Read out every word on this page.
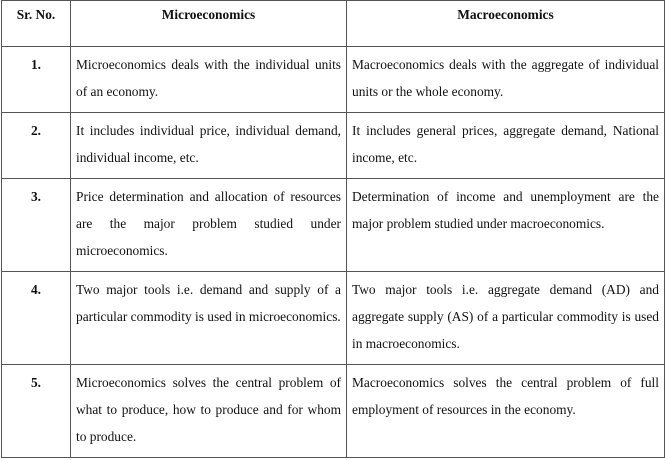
Sr. No.	Microeconomics	Macroeconomics
1.	Microeconomics deals with the individual units of an economy.	Macroeconomics deals with the aggregate of individual units or the whole economy.
2.	It includes individual price, individual demand, individual income, etc.	It includes general prices, aggregate demand, National income, etc.
3.	Price determination and allocation of resources are the major problem studied under microeconomics.	Determination of income and unemployment are the major problem studied under macroeconomics.
4.	Two major tools i.e. demand and supply of a particular commodity is used in microeconomics.	Two major tools i.e. aggregate demand (AD) and aggregate supply (AS) of a particular commodity is used in macroeconomics.
5.	Microeconomics solves the central problem of what to produce, how to produce and for whom to produce.	Macroeconomics solves the central problem of full employment of resources in the economy.
